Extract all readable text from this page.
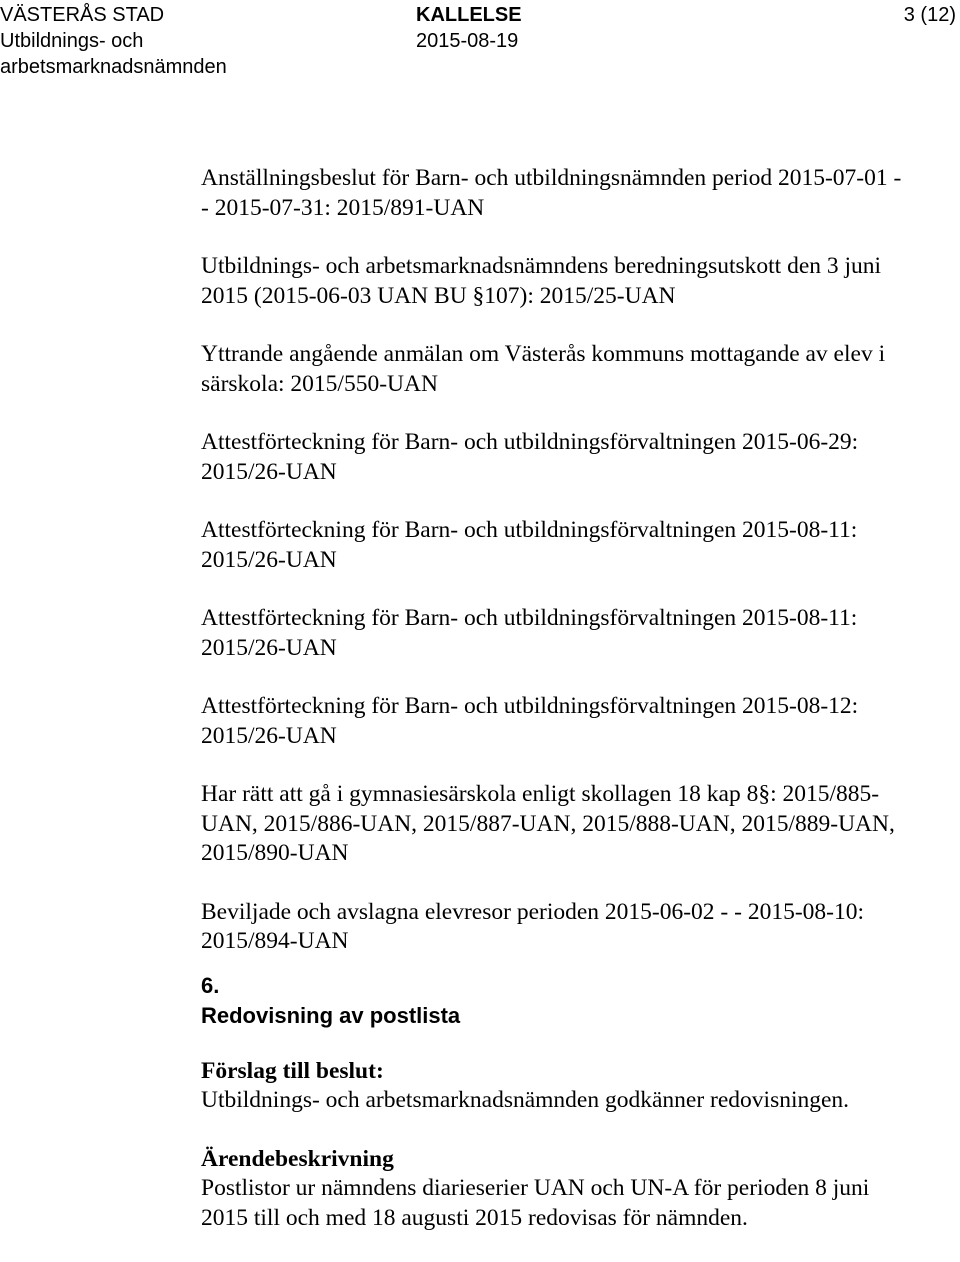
VÄSTERÅS STAD
Utbildnings- och
arbetsmarknadsnämnden
KALLELSE
2015-08-19
3 (12)
Anställningsbeslut för Barn- och utbildningsnämnden period 2015-07-01 -
- 2015-07-31: 2015/891-UAN
Utbildnings- och arbetsmarknadsnämndens beredningsutskott den 3 juni
2015 (2015-06-03 UAN BU §107): 2015/25-UAN
Yttrande angående anmälan om Västerås kommuns mottagande av elev i
särskola: 2015/550-UAN
Attestförteckning för Barn- och utbildningsförvaltningen 2015-06-29:
2015/26-UAN
Attestförteckning för Barn- och utbildningsförvaltningen 2015-08-11:
2015/26-UAN
Attestförteckning för Barn- och utbildningsförvaltningen 2015-08-11:
2015/26-UAN
Attestförteckning för Barn- och utbildningsförvaltningen 2015-08-12:
2015/26-UAN
Har rätt att gå i gymnasiesärskola enligt skollagen 18 kap 8§: 2015/885-
UAN, 2015/886-UAN, 2015/887-UAN, 2015/888-UAN, 2015/889-UAN,
2015/890-UAN
Beviljade och avslagna elevresor perioden 2015-06-02 - - 2015-08-10:
2015/894-UAN
6.
Redovisning av postlista
Förslag till beslut:
Utbildnings- och arbetsmarknadsnämnden godkänner redovisningen.
Ärendebeskrivning
Postlistor ur nämndens diarieserier UAN och UN-A för perioden 8 juni
2015 till och med 18 augusti 2015 redovisas för nämnden.
